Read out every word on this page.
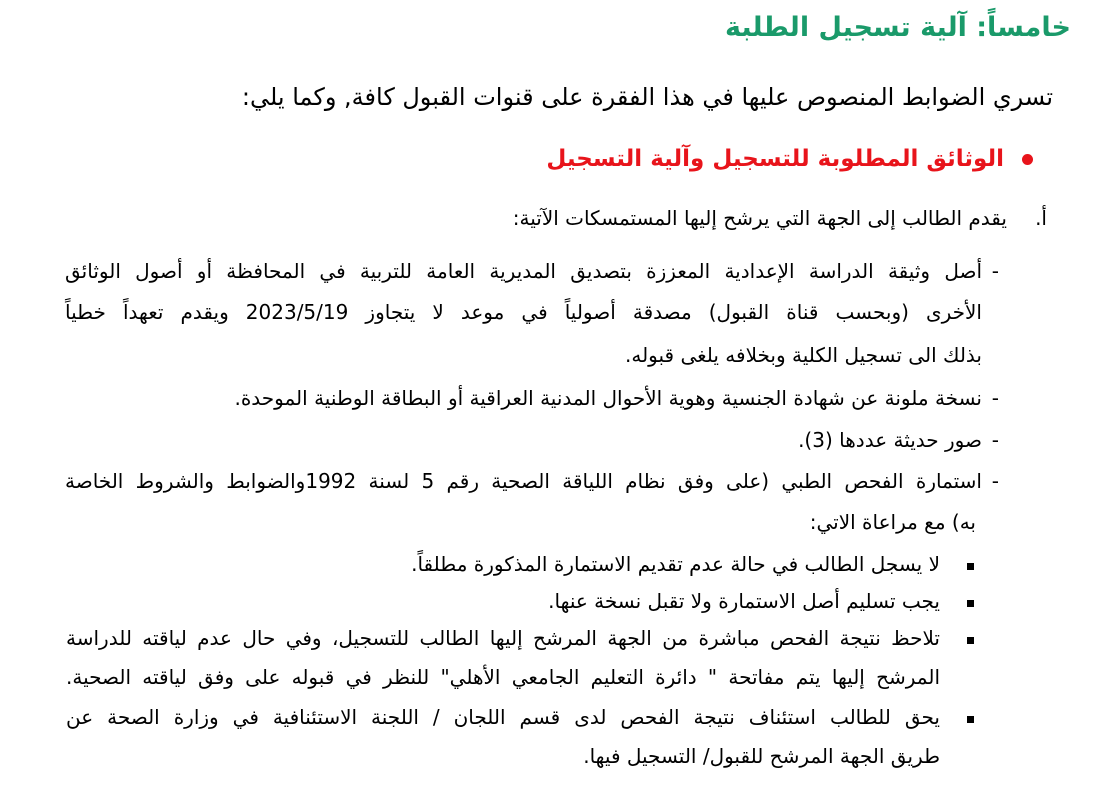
خامساً: آلية تسجيل الطلبة
تسري الضوابط المنصوص عليها في هذا الفقرة على قنوات القبول كافة, وكما يلي:
الوثائق المطلوبة للتسجيل وآلية التسجيل
أ.
يقدم الطالب إلى الجهة التي يرشح إليها المستمسكات الآتية:
-
أصل وثيقة الدراسة الإعدادية المعززة بتصديق المديرية العامة للتربية في المحافظة أو أصول الوثائق
الأخرى (وبحسب قناة القبول) مصدقة أصولياً في موعد لا يتجاوز 2023/5/19 ويقدم تعهداً خطياً
بذلك الى تسجيل الكلية وبخلافه يلغى قبوله.
-
نسخة ملونة عن شهادة الجنسية وهوية الأحوال المدنية العراقية أو البطاقة الوطنية الموحدة.
-
صور حديثة عددها (3).
-
استمارة الفحص الطبي (على وفق نظام اللياقة الصحية رقم 5 لسنة 1992والضوابط والشروط الخاصة
به) مع مراعاة الاتي:
لا يسجل الطالب في حالة عدم تقديم الاستمارة المذكورة مطلقاً.
يجب تسليم أصل الاستمارة ولا تقبل نسخة عنها.
تلاحظ نتيجة الفحص مباشرة من الجهة المرشح إليها الطالب للتسجيل، وفي حال عدم لياقته للدراسة
المرشح إليها يتم مفاتحة " دائرة التعليم الجامعي الأهلي" للنظر في قبوله على وفق لياقته الصحية.
يحق للطالب استئناف نتيجة الفحص لدى قسم اللجان / اللجنة الاستئنافية في وزارة الصحة عن
طريق الجهة المرشح للقبول/ التسجيل فيها.
